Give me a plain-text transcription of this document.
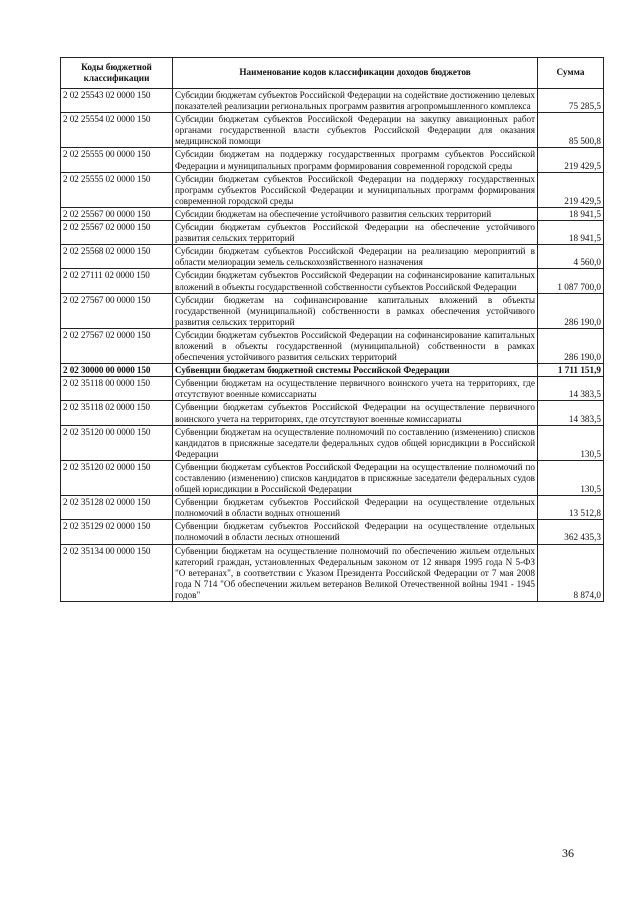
Коды бюджетной классификации	Наименование кодов классификации доходов бюджетов	Сумма
2 02 25543 02 0000 150	Субсидии бюджетам субъектов Российской Федерации на содействие достижению целевых показателей реализации региональных программ развития агропромышленного комплекса	75 285,5
2 02 25554 02 0000 150	Субсидии бюджетам субъектов Российской Федерации на закупку авиационных работ органами государственной власти субъектов Российской Федерации для оказания медицинской помощи	85 500,8
2 02 25555 00 0000 150	Субсидии бюджетам на поддержку государственных программ субъектов Российской Федерации и муниципальных программ формирования современной городской среды	219 429,5
2 02 25555 02 0000 150	Субсидии бюджетам субъектов Российской Федерации на поддержку государственных программ субъектов Российской Федерации и муниципальных программ формирования современной городской среды	219 429,5
2 02 25567 00 0000 150	Субсидии бюджетам на обеспечение устойчивого развития сельских территорий	18 941,5
2 02 25567 02 0000 150	Субсидии бюджетам субъектов Российской Федерации на обеспечение устойчивого развития сельских территорий	18 941,5
2 02 25568 02 0000 150	Субсидии бюджетам субъектов Российской Федерации на реализацию мероприятий в области мелиорации земель сельскохозяйственного назначения	4 560,0
2 02 27111 02 0000 150	Субсидии бюджетам субъектов Российской Федерации на софинансирование капитальных вложений в объекты государственной собственности субъектов Российской Федерации	1 087 700,0
2 02 27567 00 0000 150	Субсидии бюджетам на софинансирование капитальных вложений в объекты государственной (муниципальной) собственности в рамках обеспечения устойчивого развития сельских территорий	286 190,0
2 02 27567 02 0000 150	Субсидии бюджетам субъектов Российской Федерации на софинансирование капитальных вложений в объекты государственной (муниципальной) собственности в рамках обеспечения устойчивого развития сельских территорий	286 190,0
2 02 30000 00 0000 150	Субвенции бюджетам бюджетной системы Российской Федерации	1 711 151,9
2 02 35118 00 0000 150	Субвенции бюджетам на осуществление первичного воинского учета на территориях, где отсутствуют военные комиссариаты	14 383,5
2 02 35118 02 0000 150	Субвенции бюджетам субъектов Российской Федерации на осуществление первичного воинского учета на территориях, где отсутствуют военные комиссариаты	14 383,5
2 02 35120 00 0000 150	Субвенции бюджетам на осуществление полномочий по составлению (изменению) списков кандидатов в присяжные заседатели федеральных судов общей юрисдикции в Российской Федерации	130,5
2 02 35120 02 0000 150	Субвенции бюджетам субъектов Российской Федерации на осуществление полномочий по составлению (изменению) списков кандидатов в присяжные заседатели федеральных судов общей юрисдикции в Российской Федерации	130,5
2 02 35128 02 0000 150	Субвенции бюджетам субъектов Российской Федерации на осуществление отдельных полномочий в области водных отношений	13 512,8
2 02 35129 02 0000 150	Субвенции бюджетам субъектов Российской Федерации на осуществление отдельных полномочий в области лесных отношений	362 435,3
2 02 35134 00 0000 150	Субвенции бюджетам на осуществление полномочий по обеспечению жильем отдельных категорий граждан, установленных Федеральным законом от 12 января 1995 года N 5-ФЗ "О ветеранах", в соответствии с Указом Президента Российской Федерации от 7 мая 2008 года N 714 "Об обеспечении жильем ветеранов Великой Отечественной войны 1941 - 1945 годов"	8 874,0
36
